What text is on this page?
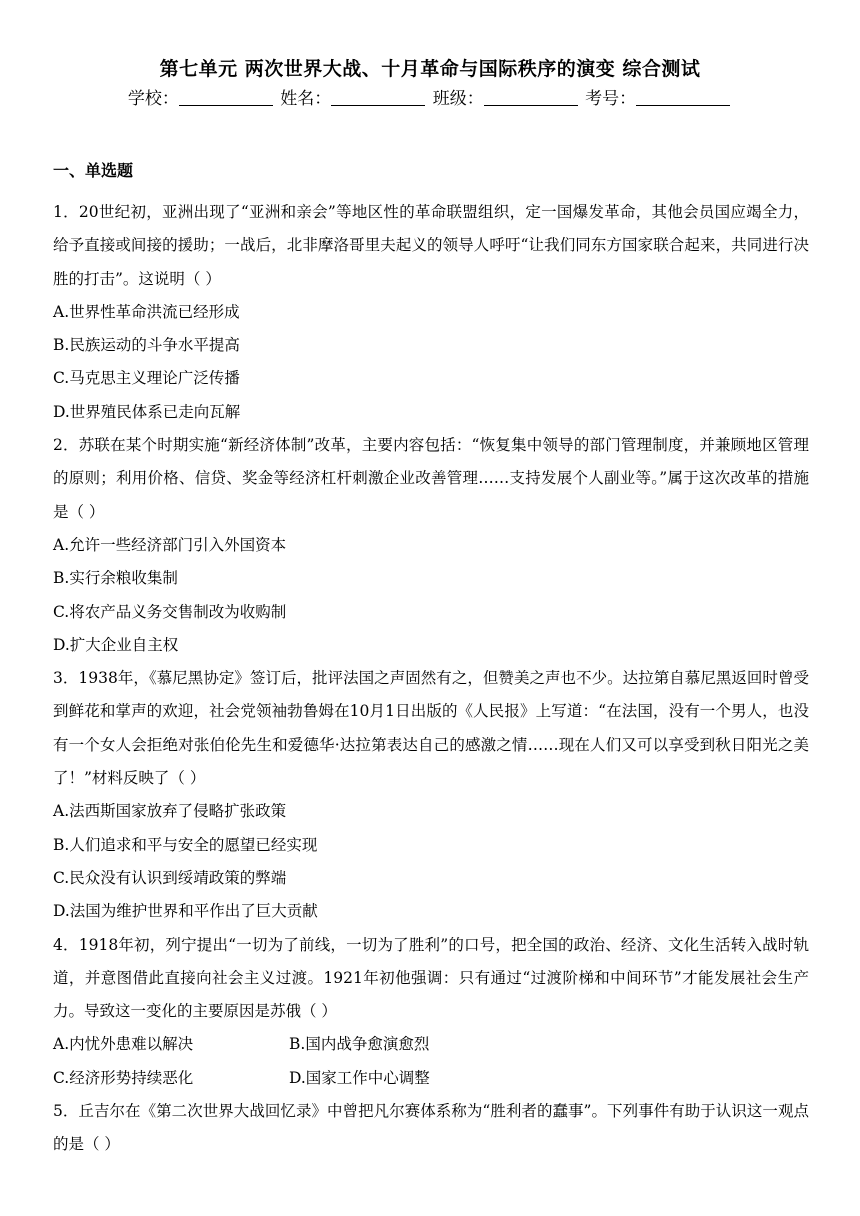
第七单元 两次世界大战、十月革命与国际秩序的演变 综合测试
学校：	姓名：	班级：	考号：
一、单选题

1．20世纪初，亚洲出现了“亚洲和亲会”等地区性的革命联盟组织，定一国爆发革命，其他会员国应竭全力，给予直接或间接的援助；一战后，北非摩洛哥里夫起义的领导人呼吁“让我们同东方国家联合起来，共同进行决胜的打击”。这说明（ ）

A.世界性革命洪流已经形成

B.民族运动的斗争水平提高

C.马克思主义理论广泛传播

D.世界殖民体系已走向瓦解

2．苏联在某个时期实施“新经济体制”改革，主要内容包括：“恢复集中领导的部门管理制度，并兼顾地区管理的原则；利用价格、信贷、奖金等经济杠杆刺激企业改善管理……支持发展个人副业等。”属于这次改革的措施是（ ）

A.允许一些经济部门引入外国资本

B.实行余粮收集制

C.将农产品义务交售制改为收购制

D.扩大企业自主权

3．1938年，《慕尼黑协定》签订后，批评法国之声固然有之，但赞美之声也不少。达拉第自慕尼黑返回时曾受到鲜花和掌声的欢迎，社会党领袖勃鲁姆在10月1日出版的《人民报》上写道：“在法国，没有一个男人，也没有一个女人会拒绝对张伯伦先生和爱德华·达拉第表达自己的感激之情……现在人们又可以享受到秋日阳光之美了！”材料反映了（ ）

A.法西斯国家放弃了侵略扩张政策

B.人们追求和平与安全的愿望已经实现

C.民众没有认识到绥靖政策的弊端

D.法国为维护世界和平作出了巨大贡献

4．1918年初，列宁提出“一切为了前线，一切为了胜利”的口号，把全国的政治、经济、文化生活转入战时轨道，并意图借此直接向社会主义过渡。1921年初他强调：只有通过“过渡阶梯和中间环节”才能发展社会生产力。导致这一变化的主要原因是苏俄（ ）

A.内忧外患难以解决	B.国内战争愈演愈烈

C.经济形势持续恶化	D.国家工作中心调整

5．丘吉尔在《第二次世界大战回忆录》中曾把凡尔赛体系称为“胜利者的蠢事”。下列事件有助于认识这一观点的是（ ）
